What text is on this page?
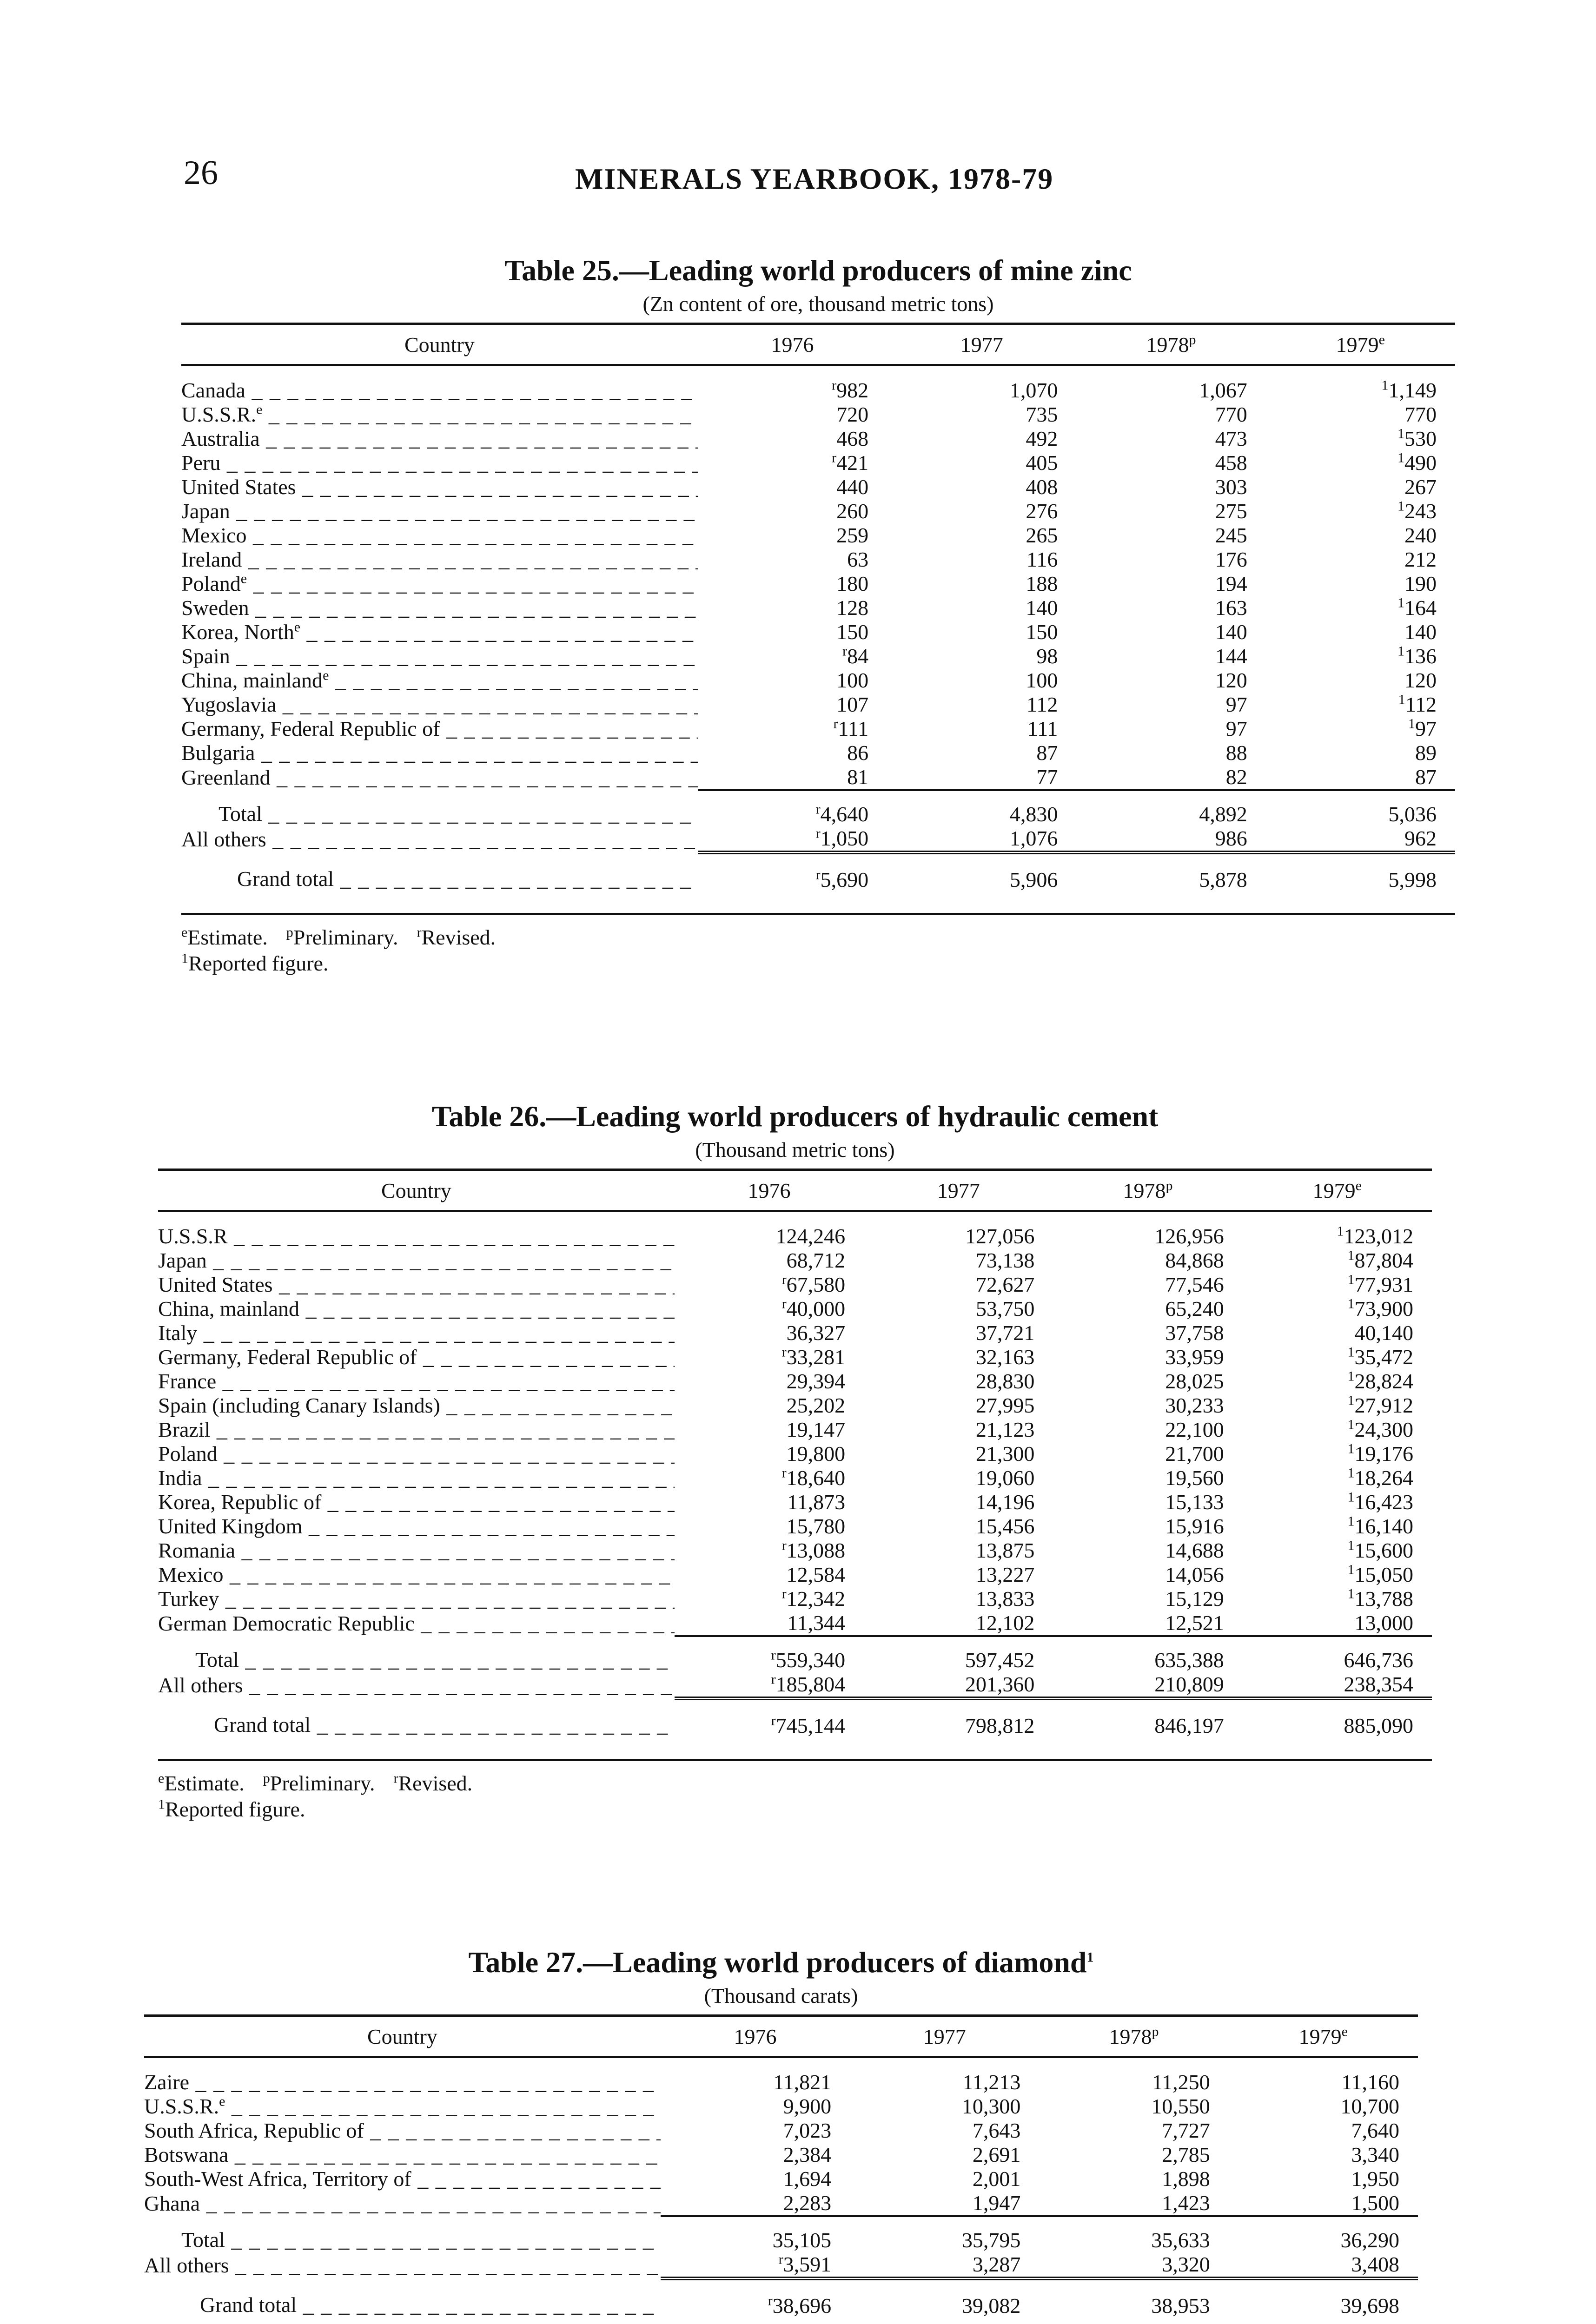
26	MINERALS YEARBOOK, 1978-79
Table 25.—Leading world producers of mine zinc
(Zn content of ore, thousand metric tons)
Country	1976	1977	1978$^p$	1979e
Canada _ _ _	$^r$982	1,070	1,067	$^1$1,149
U.S.S.R.$^e$ _ _ _	720	735	770	770
Australia _ _ _	468	492	473	$^1$530
Peru _ _ _	$^r$421	405	458	$^1$490
United States _ _ _	440	408	303	267
Japan _ _ _	260	276	275	$^1$243
Mexico _ _ _	259	265	245	240
Ireland _ _ _	63	116	176	212
Poland$^e$ _ _ _	180	188	194	190
Sweden _ _ _	128	140	163	$^1$164
Korea, North$^e$ _ _ _	150	150	140	140
Spain _ _ _	$^r$84	98	144	$^1$136
China, mainland$^e$ _ _ _	100	100	120	120
Yugoslavia _ _ _	107	112	97	$^1$112
Germany, Federal Republic of _ _ _	$^r$111	111	97	$^1$97
Bulgaria _ _ _	86	87	88	89
Greenland _ _ _	81	77	82	87
Total _ _ _	$^r$4,640	4,830	4,892	5,036
All others _ _ _	$^r$1,050	1,076	986	962
Grand total _ _ _	$^r$5,690	5,906	5,878	5,998

$^e$Estimate. $^p$Preliminary. $^r$Revised.
$^1$Reported figure.
Table 26.—Leading world producers of hydraulic cement
(Thousand metric tons)
Country	1976	1977	1978$^p$	1979e
U.S.S.R _ _ _	124,246	127,056	126,956	$^1$123,012
Japan _ _ _	68,712	73,138	84,868	$^1$87,804
United States _ _ _	$^r$67,580	72,627	77,546	$^1$77,931
China, mainland _ _ _	$^r$40,000	53,750	65,240	$^1$73,900
Italy _ _ _	36,327	37,721	37,758	40,140
Germany, Federal Republic of _ _ _	$^r$33,281	32,163	33,959	$^1$35,472
France _ _ _	29,394	28,830	28,025	$^1$28,824
Spain (including Canary Islands) _ _ _	25,202	27,995	30,233	$^1$27,912
Brazil _ _ _	19,147	21,123	22,100	$^1$24,300
Poland _ _ _	19,800	21,300	21,700	$^1$19,176
India _ _ _	$^r$18,640	19,060	19,560	$^1$18,264
Korea, Republic of _ _ _	11,873	14,196	15,133	$^1$16,423
United Kingdom _ _ _	15,780	15,456	15,916	$^1$16,140
Romania _ _ _	$^r$13,088	13,875	14,688	$^1$15,600
Mexico _ _ _	12,584	13,227	14,056	$^1$15,050
Turkey _ _ _	$^r$12,342	13,833	15,129	$^1$13,788
German Democratic Republic _ _ _	11,344	12,102	12,521	13,000
Total _ _ _	$^r$559,340	597,452	635,388	646,736
All others _ _ _	$^r$185,804	201,360	210,809	238,354
Grand total _ _ _	$^r$745,144	798,812	846,197	885,090

$^e$Estimate. $^p$Preliminary. $^r$Revised.
$^1$Reported figure.
Table 27.—Leading world producers of diamond$^1$
(Thousand carats)
Country	1976	1977	1978$^p$	1979e
Zaire _ _ _	11,821	11,213	11,250	11,160
U.S.S.R.$^e$ _ _ _	9,900	10,300	10,550	10,700
South Africa, Republic of _ _ _	7,023	7,643	7,727	7,640
Botswana _ _ _	2,384	2,691	2,785	3,340
South-West Africa, Territory of _ _ _	1,694	2,001	1,898	1,950
Ghana _ _ _	2,283	1,947	1,423	1,500
Total _ _ _	35,105	35,795	35,633	36,290
All others _ _ _	$^r$3,591	3,287	3,320	3,408
Grand total _ _ _	$^r$38,696	39,082	38,953	39,698
